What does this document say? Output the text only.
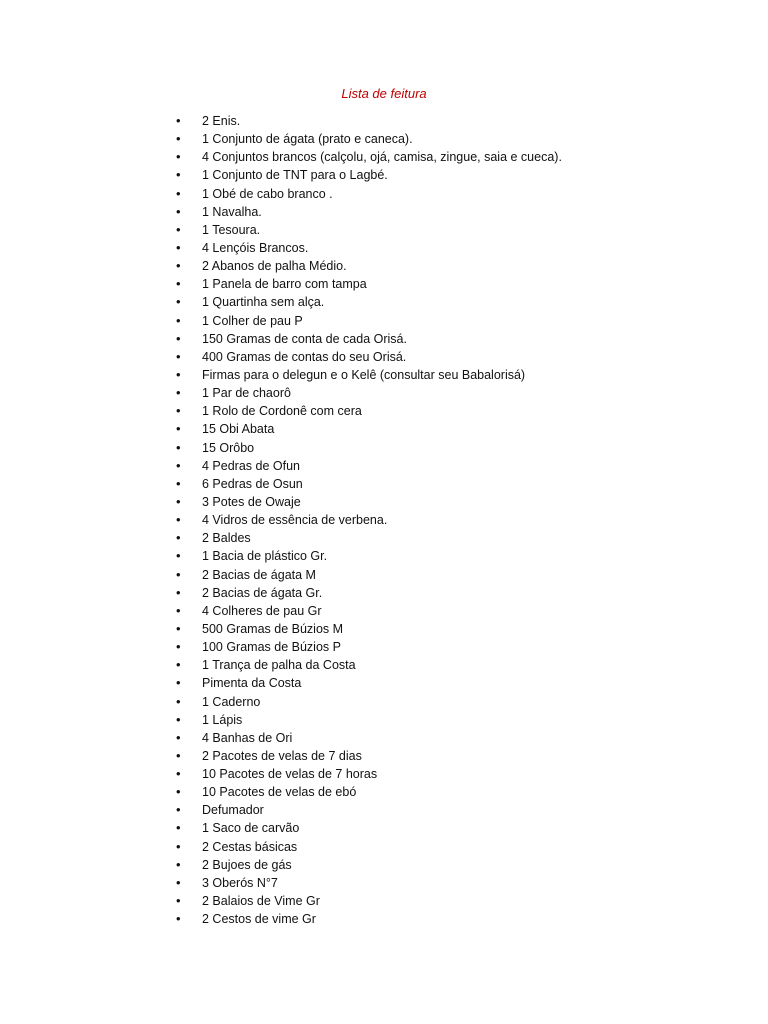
Lista de feitura
• 2 Enis.
• 1 Conjunto de ágata (prato e caneca).
• 4 Conjuntos brancos (calçolu, ojá, camisa, zingue, saia e cueca).
• 1 Conjunto de TNT para o Lagbé.
• 1 Obé de cabo branco .
• 1 Navalha.
• 1 Tesoura.
• 4 Lençóis Brancos.
• 2 Abanos de palha Médio.
• 1 Panela de barro com tampa
• 1 Quartinha sem alça.
• 1 Colher de pau P
• 150 Gramas de conta de cada Orisá.
• 400 Gramas de contas do seu Orisá.
• Firmas para o delegun e o Kelê (consultar seu Babalorisá)
• 1 Par de chaorô
• 1 Rolo de Cordonê com cera
• 15 Obi Abata
• 15 Orôbo
• 4 Pedras de Ofun
• 6 Pedras de Osun
• 3 Potes de Owaje
• 4 Vidros de essência de verbena.
• 2 Baldes
• 1 Bacia de plástico Gr.
• 2 Bacias de ágata M
• 2 Bacias de ágata Gr.
• 4 Colheres de pau Gr
• 500 Gramas de Búzios M
• 100 Gramas de Búzios P
• 1 Trança de palha da Costa
• Pimenta da Costa
• 1 Caderno
• 1 Lápis
• 4 Banhas de Ori
• 2 Pacotes de velas de 7 dias
• 10 Pacotes de velas de 7 horas
• 10 Pacotes de velas de ebó
• Defumador
• 1 Saco de carvão
• 2 Cestas básicas
• 2 Bujoes de gás
• 3 Oberós N°7
• 2 Balaios de Vime Gr
• 2 Cestos de vime Gr
